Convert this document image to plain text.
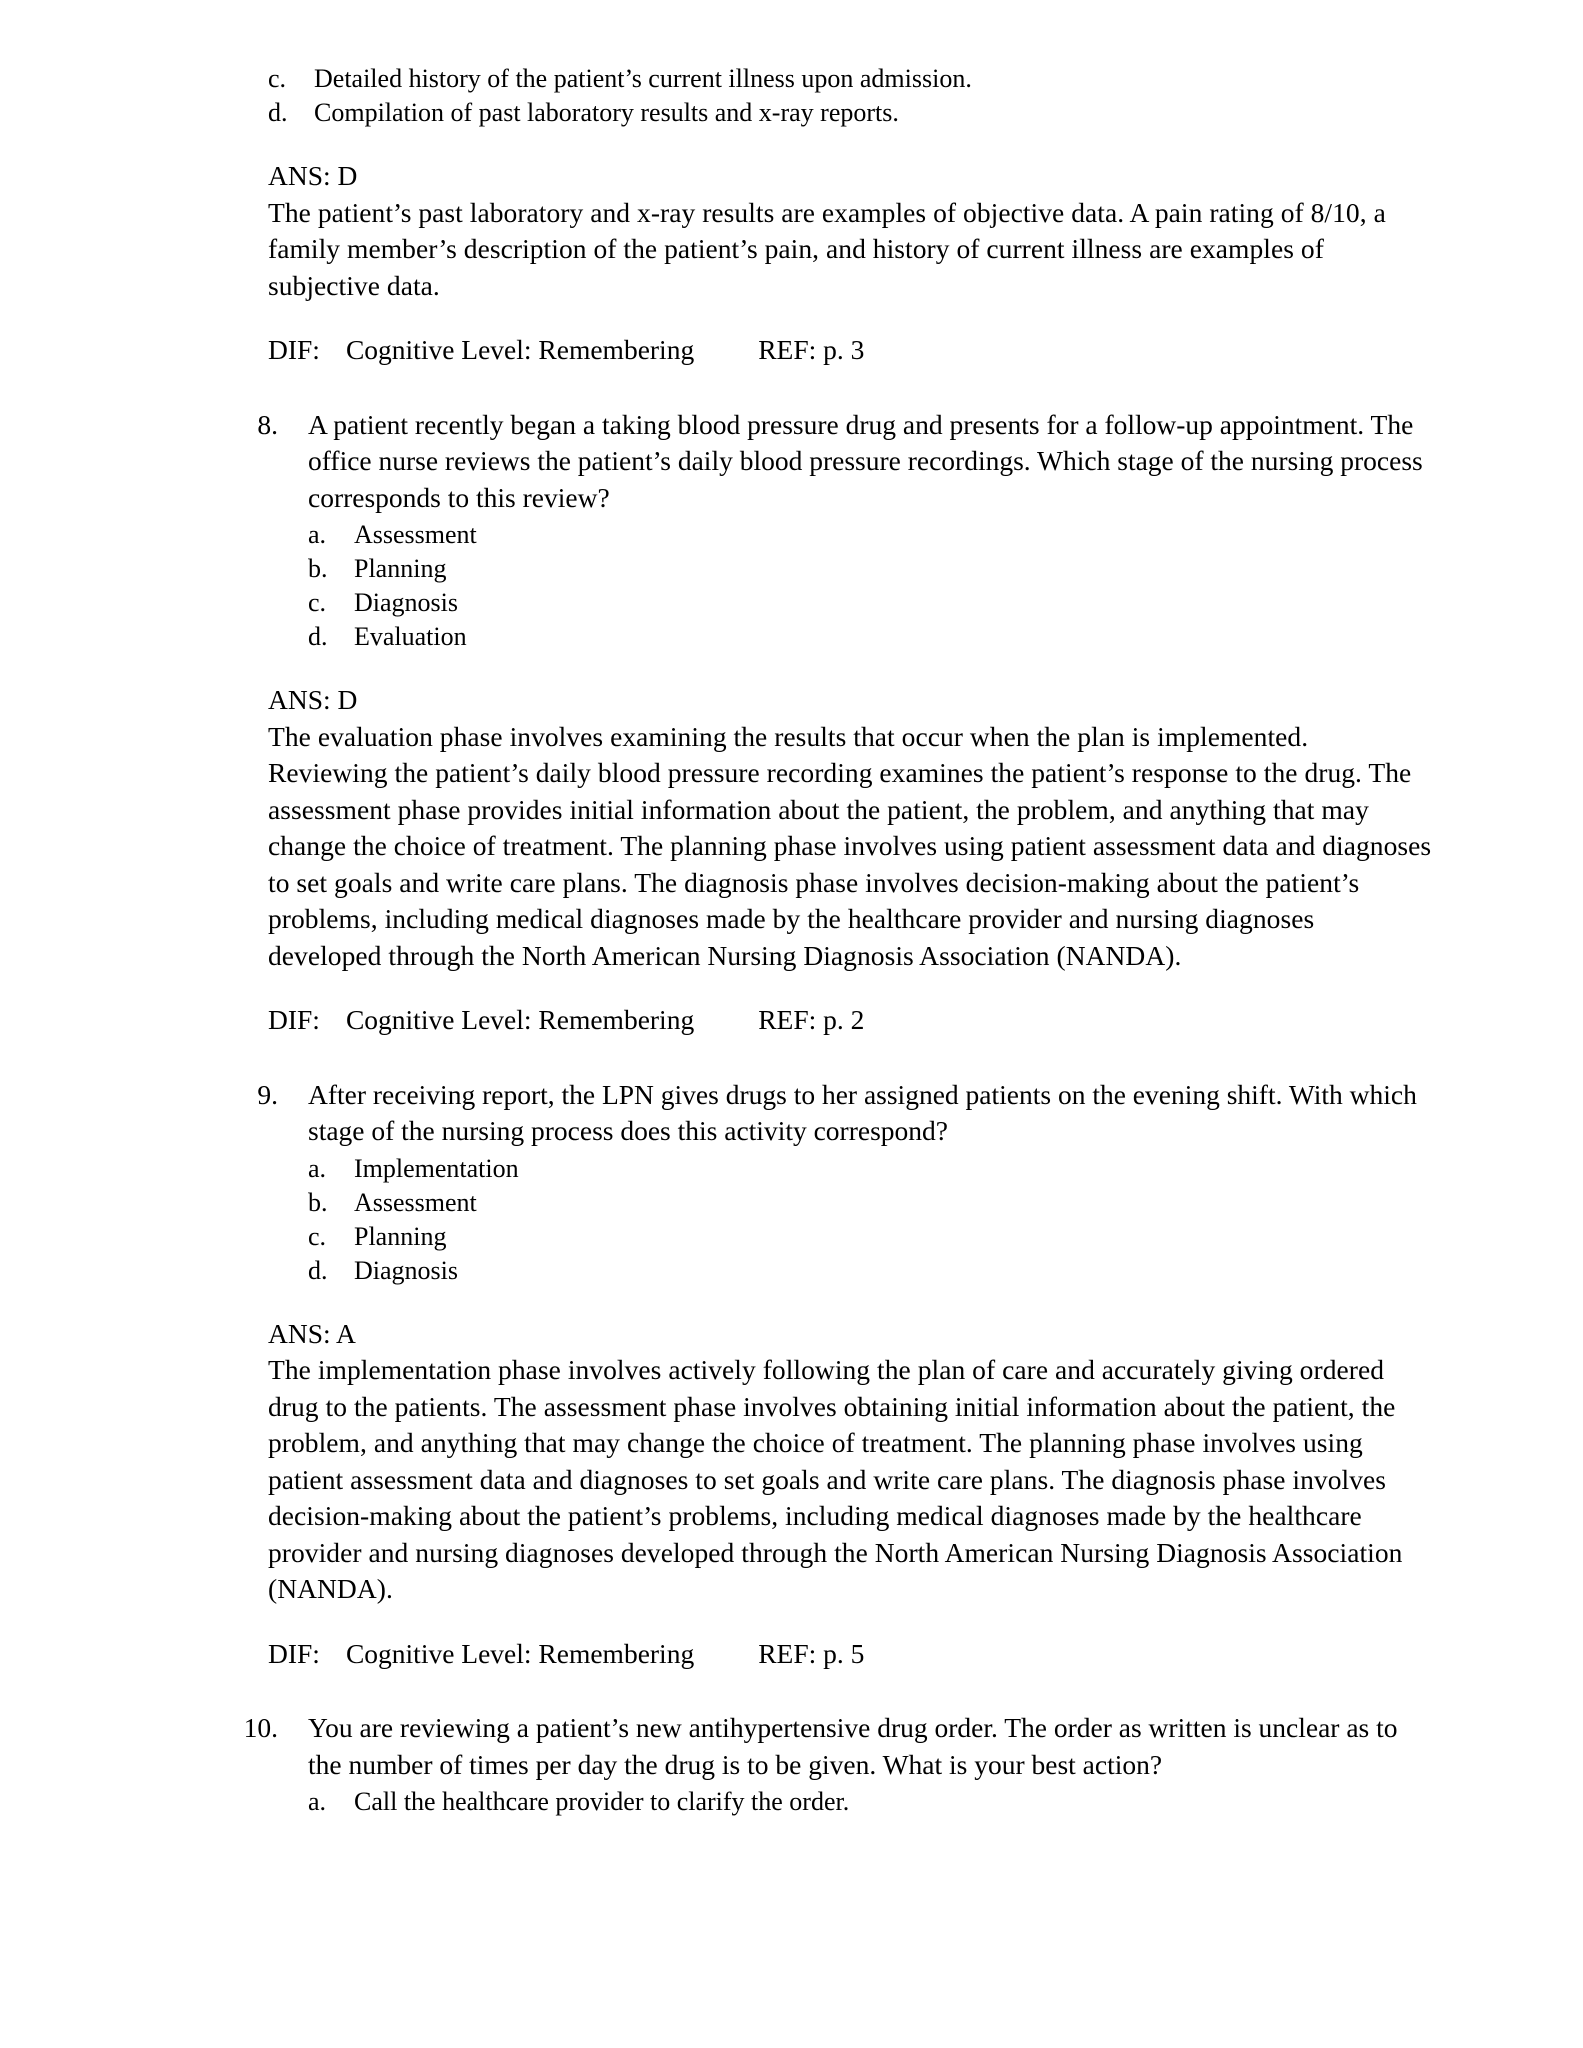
c. Detailed history of the patient’s current illness upon admission.
d. Compilation of past laboratory results and x-ray reports.
ANS: D

The patient’s past laboratory and x-ray results are examples of objective data. A pain rating of 8/10, a family member’s description of the patient’s pain, and history of current illness are examples of subjective data.

DIF: Cognitive Level: Remembering REF: p. 3
8. A patient recently began a taking blood pressure drug and presents for a follow-up appointment. The office nurse reviews the patient’s daily blood pressure recordings. Which stage of the nursing process corresponds to this review?

a. Assessment
b. Planning
c. Diagnosis
d. Evaluation
ANS: D

The evaluation phase involves examining the results that occur when the plan is implemented. Reviewing the patient’s daily blood pressure recording examines the patient’s response to the drug. The assessment phase provides initial information about the patient, the problem, and anything that may change the choice of treatment. The planning phase involves using patient assessment data and diagnoses to set goals and write care plans. The diagnosis phase involves decision-making about the patient’s problems, including medical diagnoses made by the healthcare provider and nursing diagnoses developed through the North American Nursing Diagnosis Association (NANDA).

DIF: Cognitive Level: Remembering REF: p. 2
9. After receiving report, the LPN gives drugs to her assigned patients on the evening shift. With which stage of the nursing process does this activity correspond?

a. Implementation
b. Assessment
c. Planning
d. Diagnosis
ANS: A

The implementation phase involves actively following the plan of care and accurately giving ordered drug to the patients. The assessment phase involves obtaining initial information about the patient, the problem, and anything that may change the choice of treatment. The planning phase involves using patient assessment data and diagnoses to set goals and write care plans. The diagnosis phase involves decision-making about the patient’s problems, including medical diagnoses made by the healthcare provider and nursing diagnoses developed through the North American Nursing Diagnosis Association (NANDA).

DIF: Cognitive Level: Remembering REF: p. 5
10. You are reviewing a patient’s new antihypertensive drug order. The order as written is unclear as to the number of times per day the drug is to be given. What is your best action?

a. Call the healthcare provider to clarify the order.
